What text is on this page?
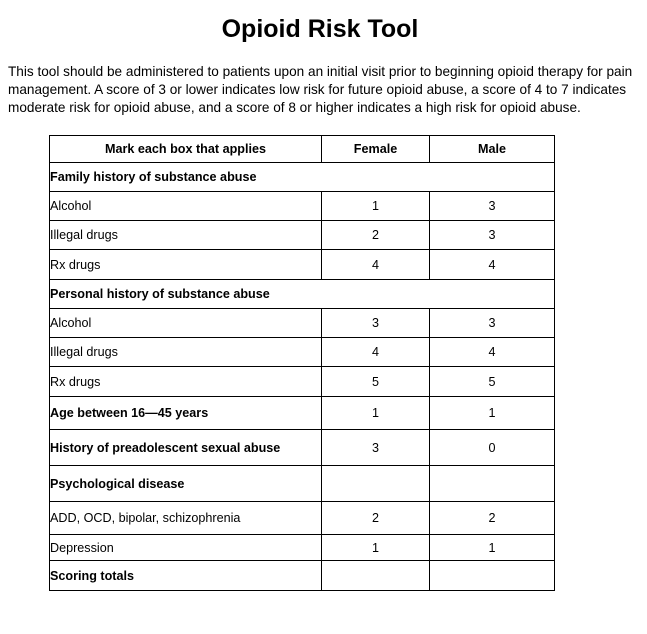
Opioid Risk Tool
This tool should be administered to patients upon an initial visit prior to beginning opioid therapy for pain management. A score of 3 or lower indicates low risk for future opioid abuse, a score of 4 to 7 indicates moderate risk for opioid abuse, and a score of 8 or higher indicates a high risk for opioid abuse.
Mark each box that applies	Female	Male
Family history of substance abuse		
Alcohol	1	3
Illegal drugs	2	3
Rx drugs	4	4
Personal history of substance abuse		
Alcohol	3	3
Illegal drugs	4	4
Rx drugs	5	5
Age between 16—45 years	1	1
History of preadolescent sexual abuse	3	0
Psychological disease		
ADD, OCD, bipolar, schizophrenia	2	2
Depression	1	1
Scoring totals		
